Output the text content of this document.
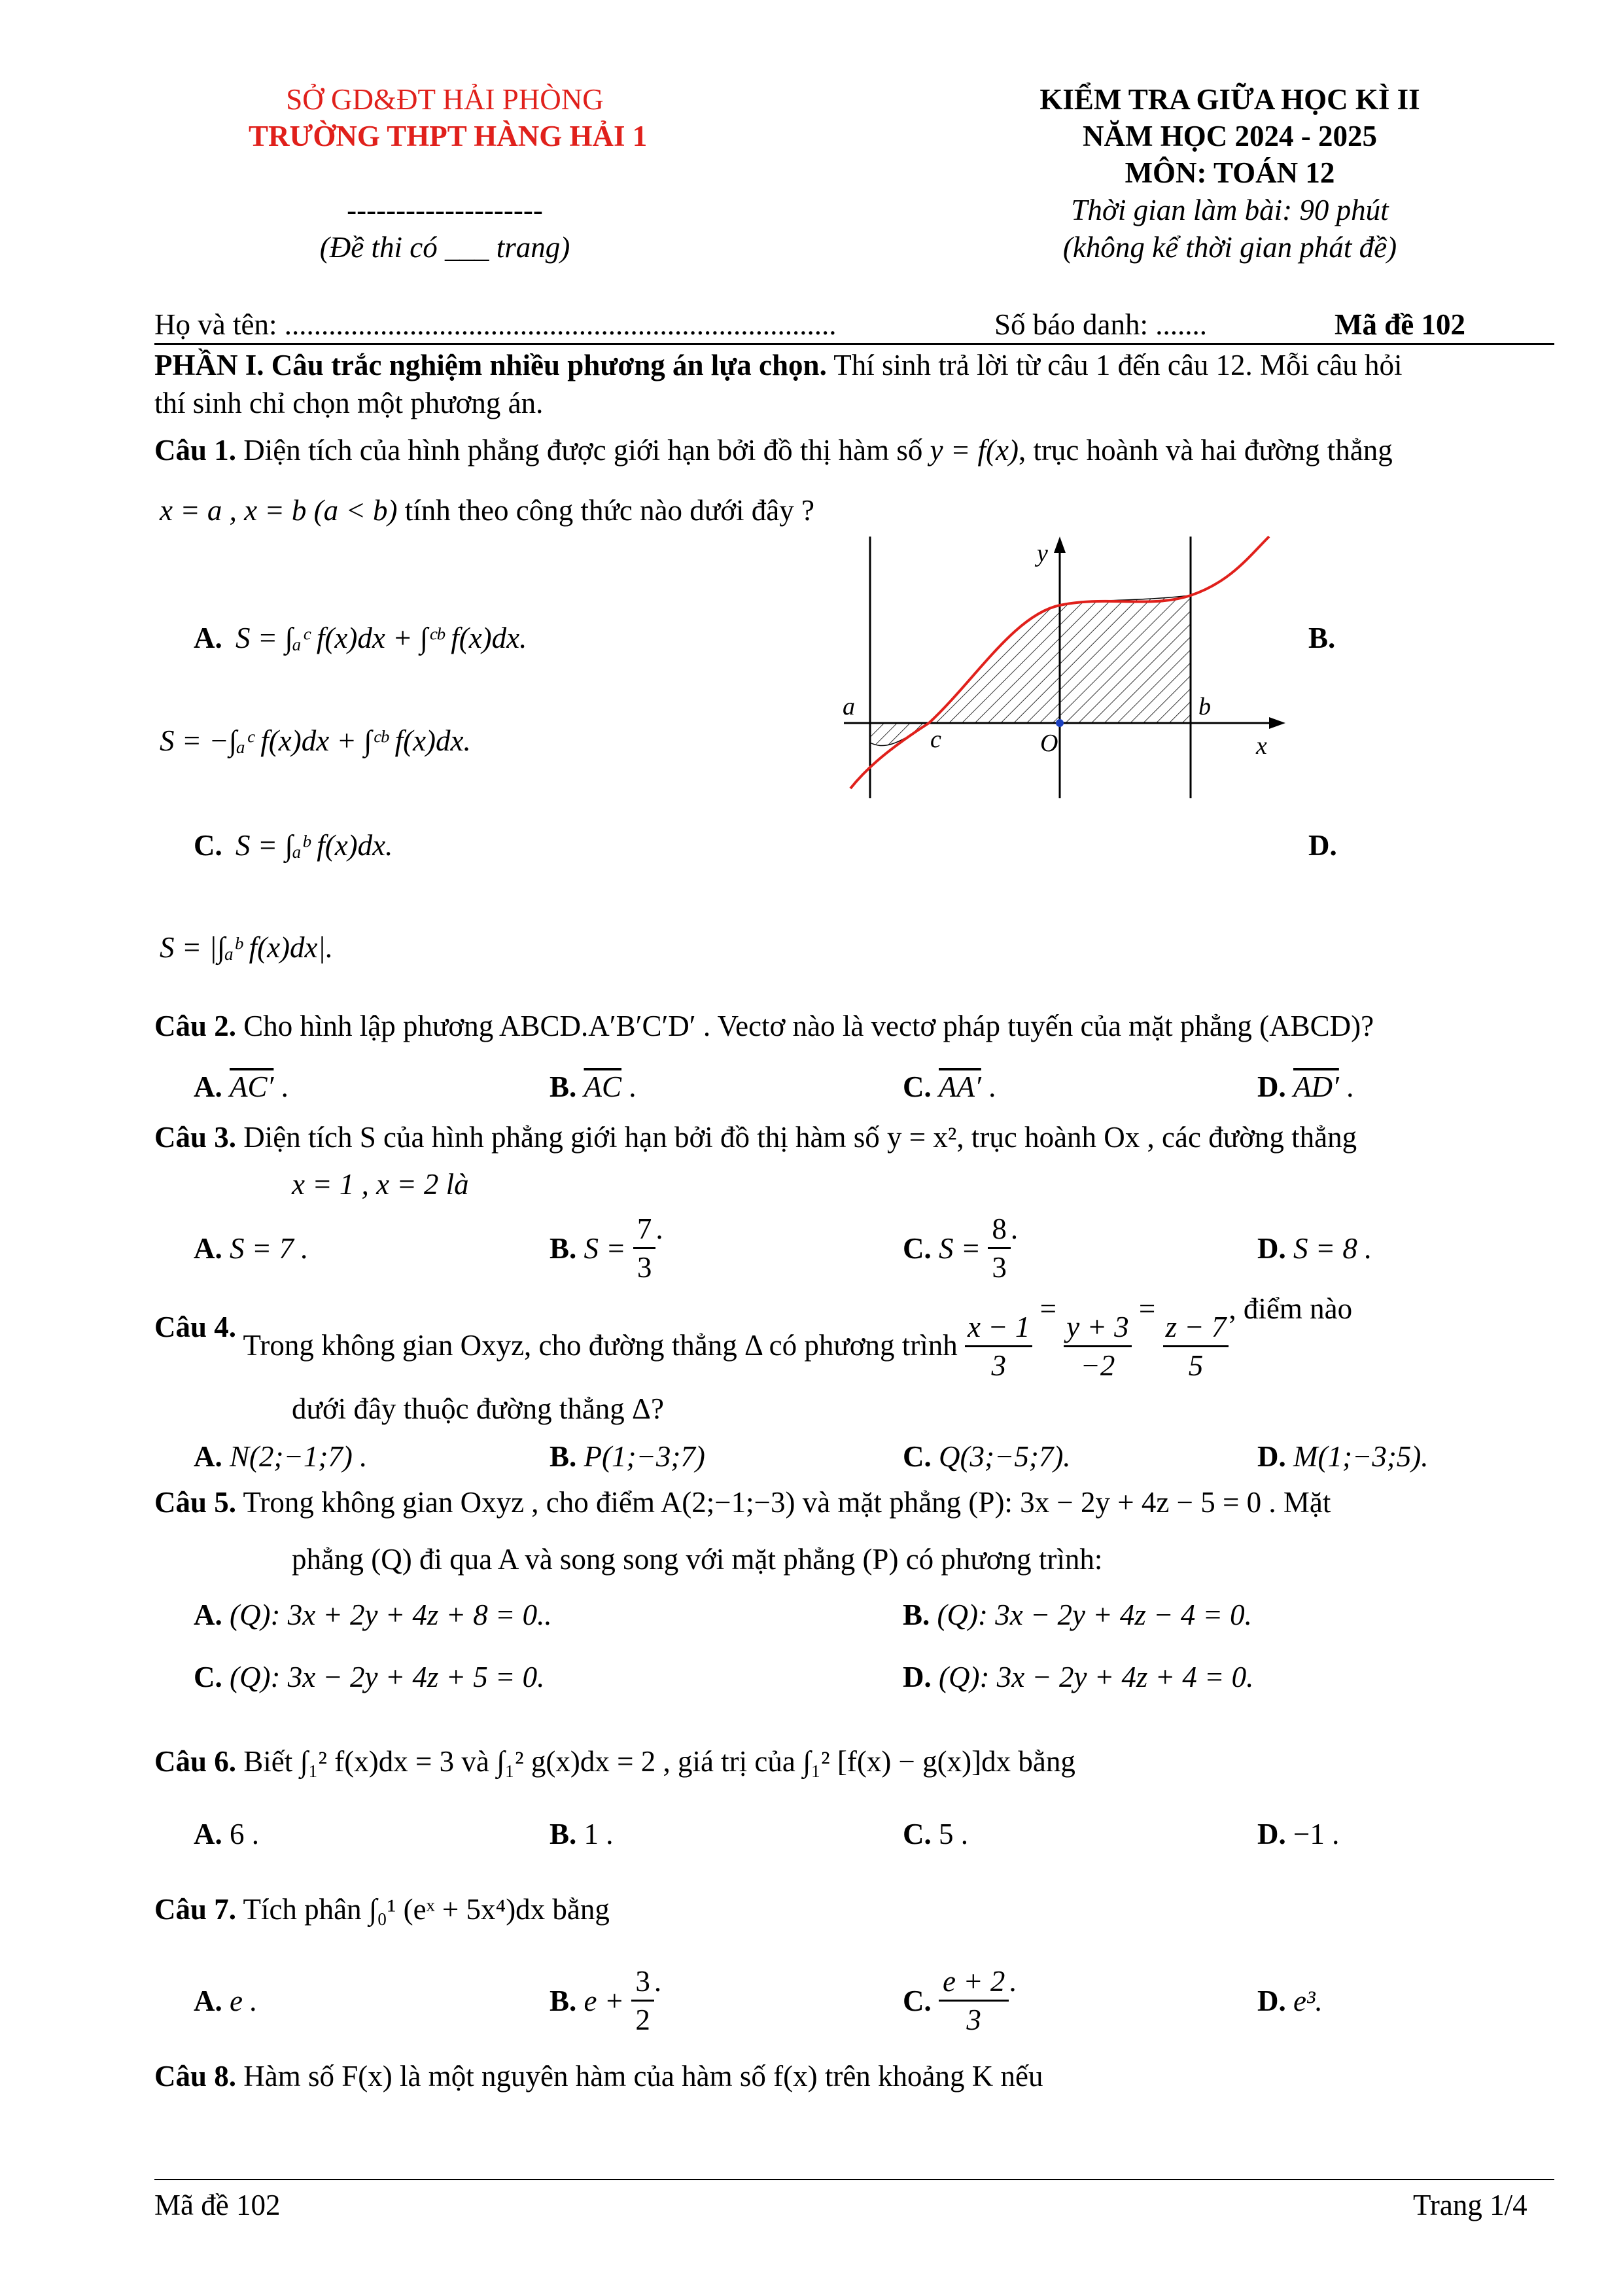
SỞ GD&ĐT HẢI PHÒNG
TRƯỜNG THPT HÀNG HẢI 1
--------------------
(Đề thi có ___ trang)
KIỂM TRA GIỮA HỌC KÌ II
NĂM HỌC 2024 - 2025
MÔN: TOÁN 12
Thời gian làm bài: 90 phút
(không kể thời gian phát đề)
Họ và tên: ...........................................................................	Số báo danh: .......	Mã đề 102
PHẦN I. Câu trắc nghiệm nhiều phương án lựa chọn. Thí sinh trả lời từ câu 1 đến câu 12. Mỗi câu hỏi
thí sinh chỉ chọn một phương án.
Câu 1. Diện tích của hình phẳng được giới hạn bởi đồ thị hàm số y = f(x), trục hoành và hai đường thẳng
x = a , x = b (a < b) tính theo công thức nào dưới đây ?
A. S = ∫ₐᶜ f(x)dx + ∫ᶜᵇ f(x)dx.	B.
S = −∫ₐᶜ f(x)dx + ∫ᶜᵇ f(x)dx.
C. S = ∫ₐᵇ f(x)dx.	D.
S = |∫ₐᵇ f(x)dx|.
y
x
a	b
c	O
Câu 2. Cho hình lập phương ABCD.A′B′C′D′ . Vectơ nào là vectơ pháp tuyến của mặt phẳng (ABCD)?
A. AC′ .	B. $\overline{AC}$ .	C. AA′ .	D. AD′ .
Câu 3. Diện tích S của hình phẳng giới hạn bởi đồ thị hàm số y = x², trục hoành Ox , các đường thẳng
x = 1 , x = 2 là
A. S = 7 .	B. $S = \frac{7}{3}$ .
C. $S = \frac{8}{3}$ .
D. S = 8 .
Câu 4. Trong không gian Oxyz, cho đường thẳng Δ có phương trình $\frac{x - 1}{3} = \frac{y + 3}{-2} = \frac{z - 7}{5}$ , điểm nào
dưới đây thuộc đường thẳng Δ?
A. N(2;−1;7) .	B. P(1;−3;7)	C. Q(3;−5;7).	D. M(1;−3;5).
Câu 5. Trong không gian Oxyz , cho điểm A(2;−1;−3) và mặt phẳng (P): 3x − 2y + 4z − 5 = 0 . Mặt
phẳng (Q) đi qua A và song song với mặt phẳng (P) có phương trình:
A. (Q): 3x + 2y + 4z + 8 = 0..	B. (Q): 3x − 2y + 4z − 4 = 0.
C. (Q): 3x − 2y + 4z + 5 = 0.	D. (Q): 3x − 2y + 4z + 4 = 0.
Câu 6. Biết ∫₁² f(x)dx = 3 và ∫₁² g(x)dx = 2 , giá trị của ∫₁² [f(x) − g(x)]dx bằng
A. 6 .	B. 1 .	C. 5 .	D. −1 .
Câu 7. Tích phân ∫₀¹ (eˣ + 5x⁴)dx bằng
A. e .	B. $e + \frac{3}{2}$ .
C. $\frac{e + 2}{3}$ .
D. e³.
Câu 8. Hàm số F(x) là một nguyên hàm của hàm số f(x) trên khoảng K nếu
Mã đề 102	Trang 1/4
